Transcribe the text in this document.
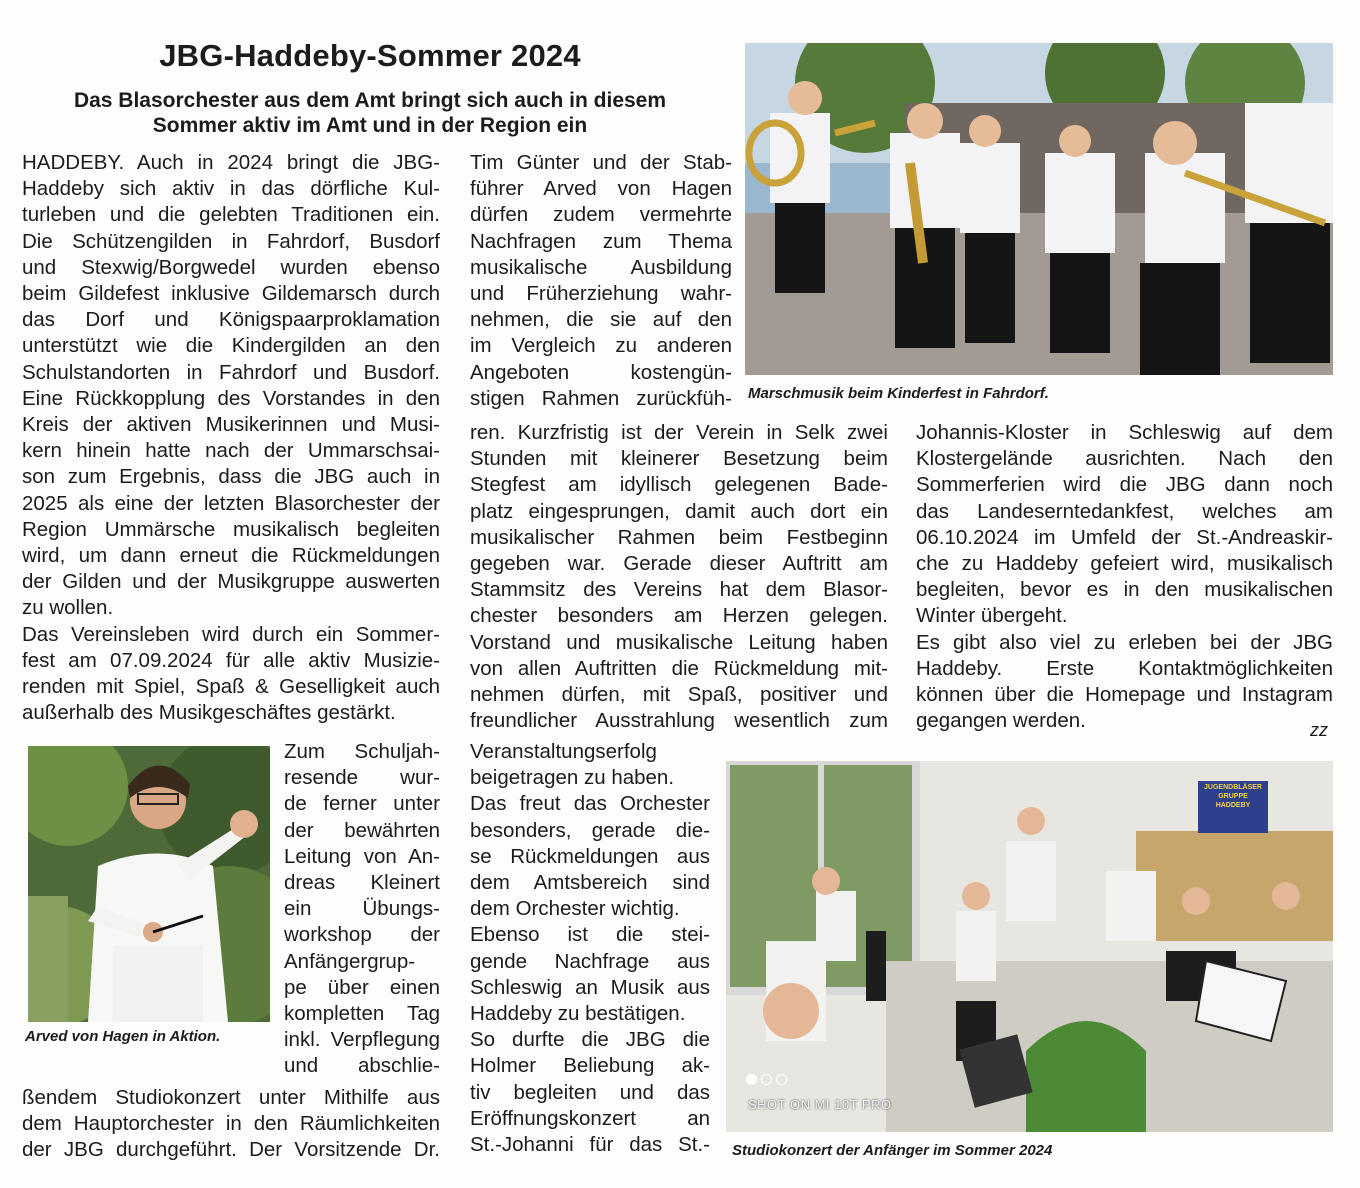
JBG-Haddeby-Sommer 2024
Das Blasorchester aus dem Amt bringt sich auch in diesem
Sommer aktiv im Amt und in der Region ein
HADDEBY. Auch in 2024 bringt die JBG-
Haddeby sich aktiv in das dörfliche Kul-
turleben und die gelebten Traditionen ein.
Die Schützengilden in Fahrdorf, Busdorf
und Stexwig/Borgwedel wurden ebenso
beim Gildefest inklusive Gildemarsch durch
das Dorf und Königspaarproklamation
unterstützt wie die Kindergilden an den
Schulstandorten in Fahrdorf und Busdorf.
Eine Rückkopplung des Vorstandes in den
Kreis der aktiven Musikerinnen und Musi-
kern hinein hatte nach der Ummarschsai-
son zum Ergebnis, dass die JBG auch in
2025 als eine der letzten Blasorchester der
Region Ummärsche musikalisch begleiten
wird, um dann erneut die Rückmeldungen
der Gilden und der Musikgruppe auswerten
zu wollen.
Das Vereinsleben wird durch ein Sommer-
fest am 07.09.2024 für alle aktiv Musizie-
renden mit Spiel, Spaß & Geselligkeit auch
außerhalb des Musikgeschäftes gestärkt.
Arved von Hagen in Aktion.
Zum Schuljah-
resende wur-
de ferner unter
der bewährten
Leitung von An-
dreas Kleinert
ein Übungs-
workshop der
Anfängergrup-
pe über einen
kompletten Tag
inkl. Verpflegung
und abschlie-
ßendem Studiokonzert unter Mithilfe aus
dem Hauptorchester in den Räumlichkeiten
der JBG durchgeführt. Der Vorsitzende Dr.
Tim Günter und der Stab-
führer Arved von Hagen
dürfen zudem vermehrte
Nachfragen zum Thema
musikalische Ausbildung
und Früherziehung wahr-
nehmen, die sie auf den
im Vergleich zu anderen
Angeboten kostengün-
stigen Rahmen zurückfüh-
ren. Kurzfristig ist der Verein in Selk zwei
Stunden mit kleinerer Besetzung beim
Stegfest am idyllisch gelegenen Bade-
platz eingesprungen, damit auch dort ein
musikalischer Rahmen beim Festbeginn
gegeben war. Gerade dieser Auftritt am
Stammsitz des Vereins hat dem Blasor-
chester besonders am Herzen gelegen.
Vorstand und musikalische Leitung haben
von allen Auftritten die Rückmeldung mit-
nehmen dürfen, mit Spaß, positiver und
freundlicher Ausstrahlung wesentlich zum
Veranstaltungserfolg
beigetragen zu haben.
Das freut das Orchester
besonders, gerade die-
se Rückmeldungen aus
dem Amtsbereich sind
dem Orchester wichtig.
Ebenso ist die stei-
gende Nachfrage aus
Schleswig an Musik aus
Haddeby zu bestätigen.
So durfte die JBG die
Holmer Beliebung ak-
tiv begleiten und das
Eröffnungskonzert an
St.-Johanni für das St.-
Marschmusik beim Kinderfest in Fahrdorf.
Johannis-Kloster in Schleswig auf dem
Klostergelände ausrichten. Nach den
Sommerferien wird die JBG dann noch
das Landeserntedankfest, welches am
06.10.2024 im Umfeld der St.-Andreaskir-
che zu Haddeby gefeiert wird, musikalisch
begleiten, bevor es in den musikalischen
Winter übergeht.
Es gibt also viel zu erleben bei der JBG
Haddeby. Erste Kontaktmöglichkeiten
können über die Homepage und Instagram
gegangen werden.	zz
SHOT ON MI 10T PRO
JUGENDBLÄSER
GRUPPE
HADDEBY
Studiokonzert der Anfänger im Sommer 2024
